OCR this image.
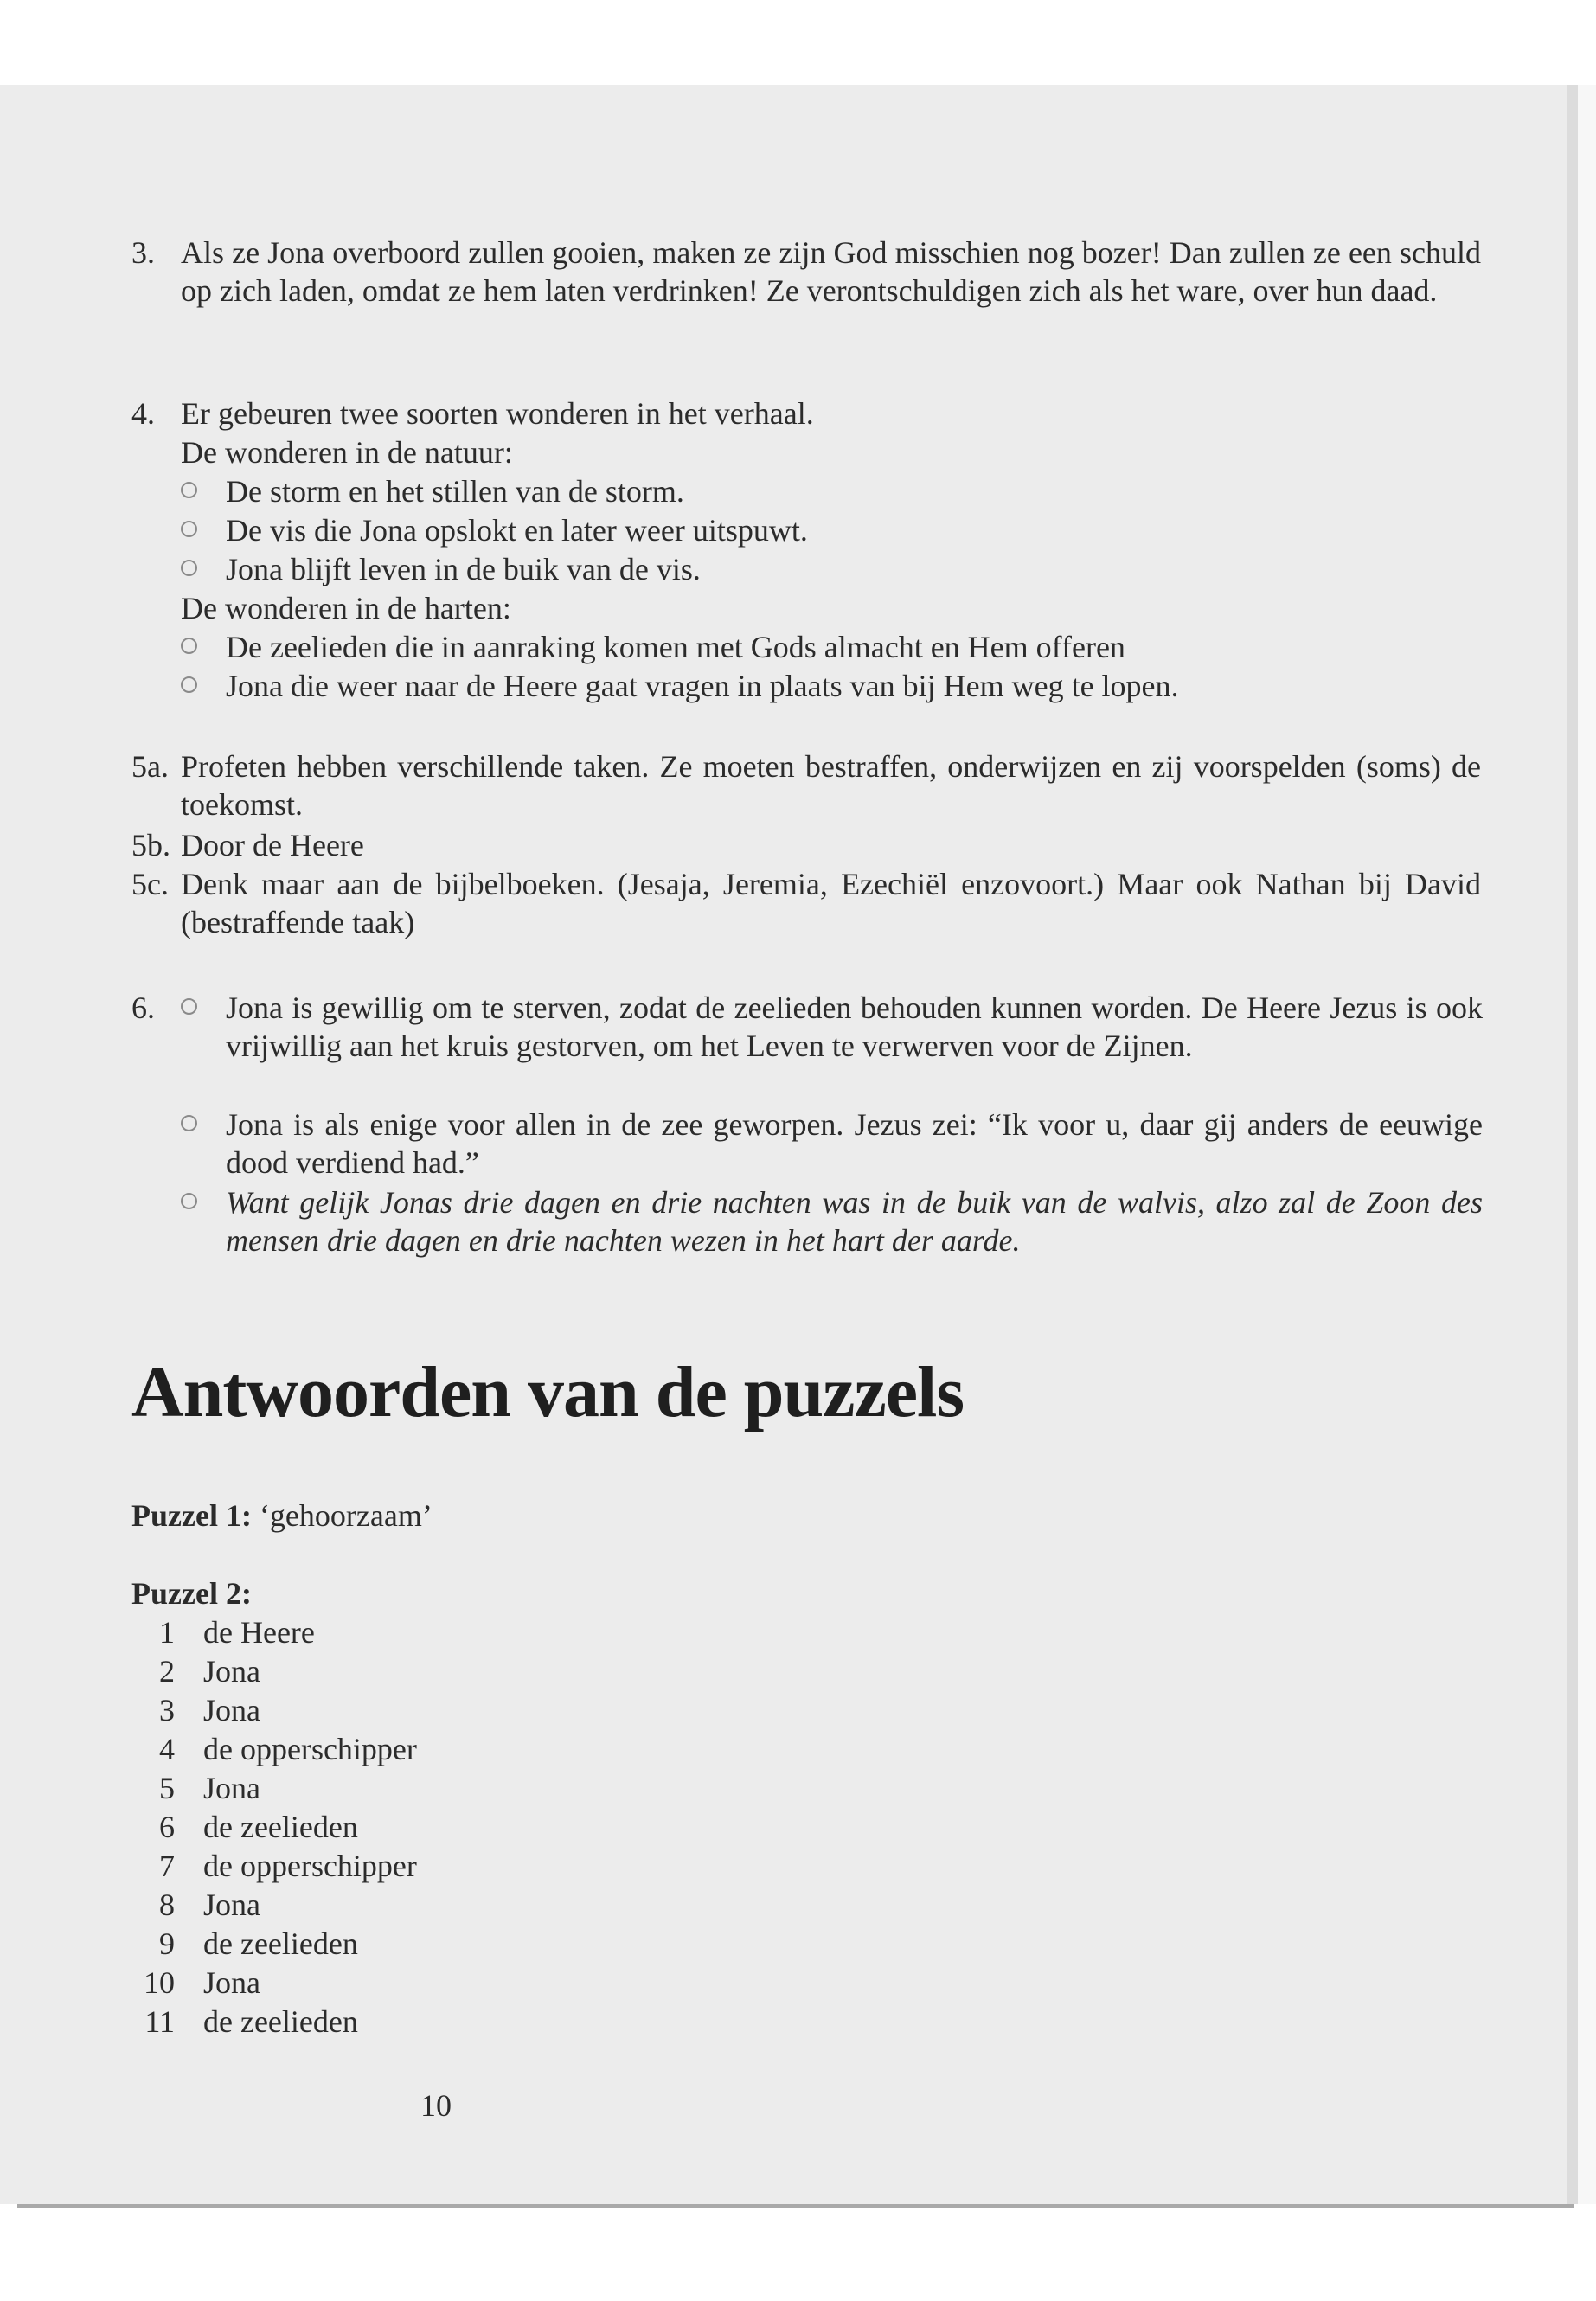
3. Als ze Jona overboord zullen gooien, maken ze zijn God misschien nog bozer! Dan zullen ze een schuld op zich laden, omdat ze hem laten verdrinken! Ze verontschuldigen zich als het ware, over hun daad.
4. Er gebeuren twee soorten wonderen in het verhaal.
De wonderen in de natuur:
De storm en het stillen van de storm.
De vis die Jona opslokt en later weer uitspuwt.
Jona blijft leven in de buik van de vis.
De wonderen in de harten:
De zeelieden die in aanraking komen met Gods almacht en Hem offeren
Jona die weer naar de Heere gaat vragen in plaats van bij Hem weg te lopen.
5a. Profeten hebben verschillende taken. Ze moeten bestraffen, onderwijzen en zij voorspelden (soms) de toekomst.
5b. Door de Heere
5c. Denk maar aan de bijbelboeken. (Jesaja, Jeremia, Ezechiël enzovoort.) Maar ook Nathan bij David (bestraffende taak)
6. Jona is gewillig om te sterven, zodat de zeelieden behouden kunnen worden. De Heere Jezus is ook vrijwillig aan het kruis gestorven, om het Leven te verwerven voor de Zijnen.
Jona is als enige voor allen in de zee geworpen. Jezus zei: “Ik voor u, daar gij anders de eeuwige dood verdiend had.”
Want gelijk Jonas drie dagen en drie nachten was in de buik van de walvis, alzo zal de Zoon des mensen drie dagen en drie nachten wezen in het hart der aarde.
Antwoorden van de puzzels
Puzzel 1: ‘gehoorzaam’
Puzzel 2:
1 de Heere
2 Jona
3 Jona
4 de opperschipper
5 Jona
6 de zeelieden
7 de opperschipper
8 Jona
9 de zeelieden
10 Jona
11 de zeelieden
10
